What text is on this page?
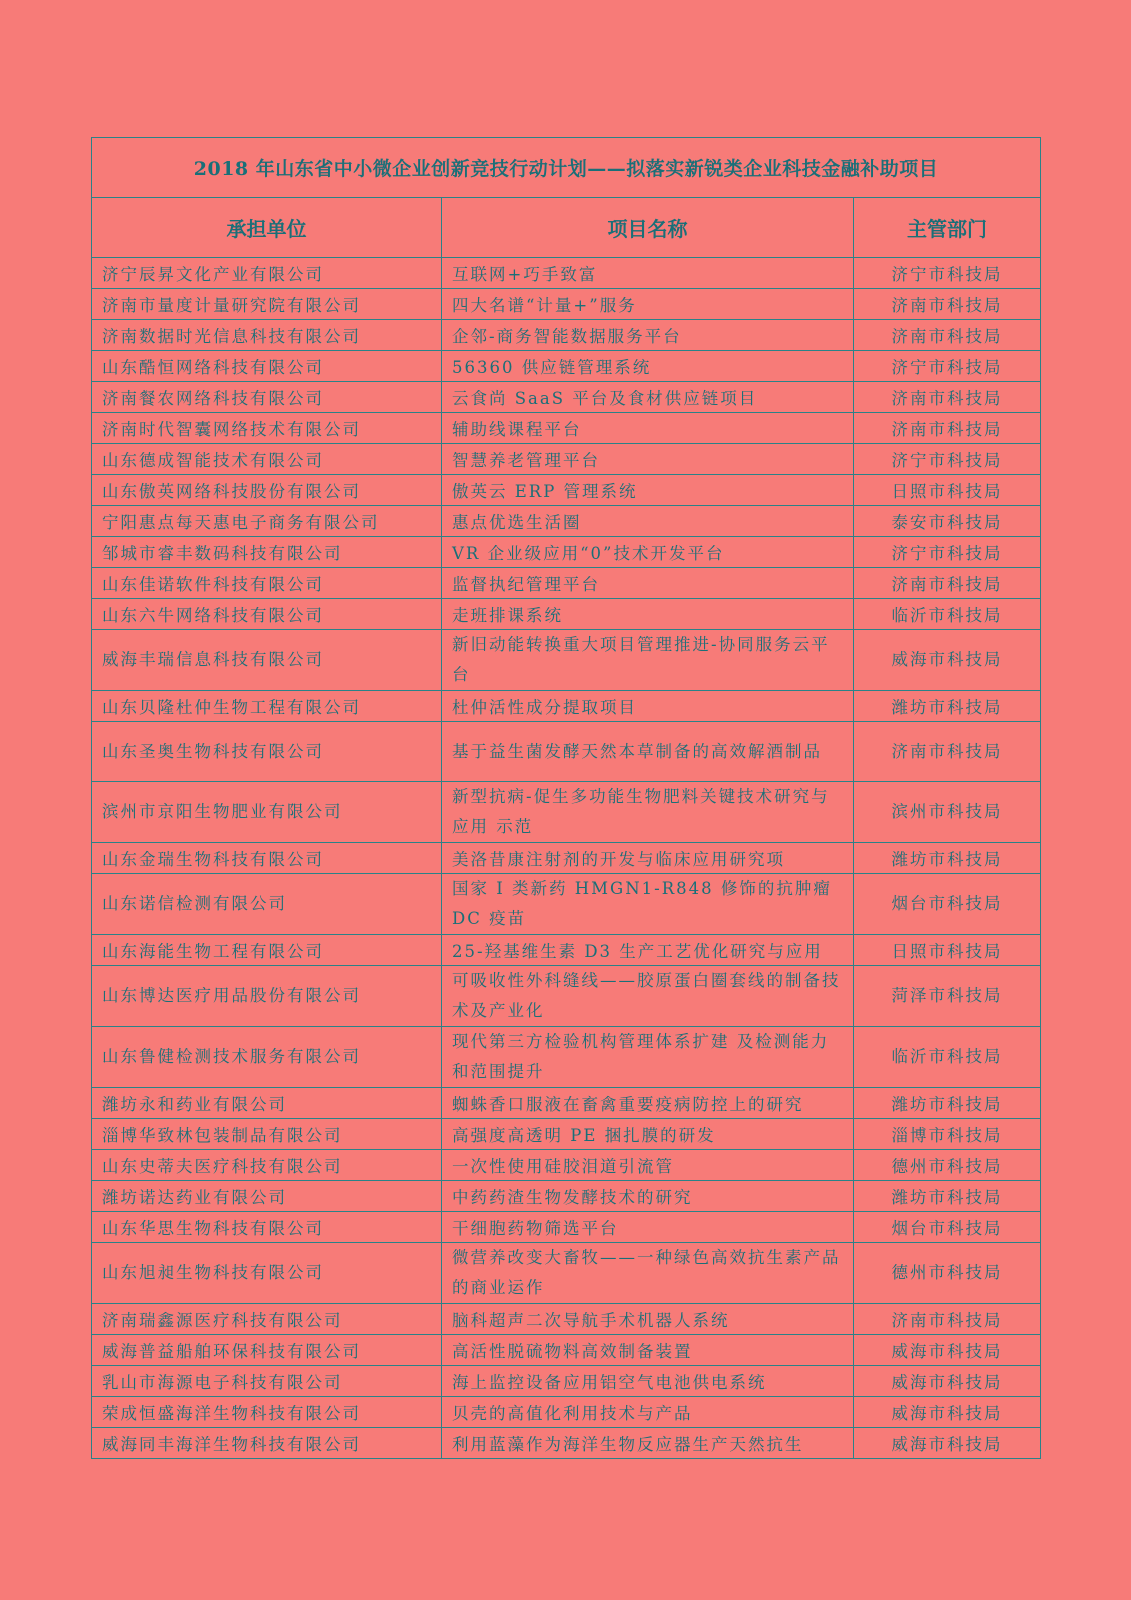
2018 年山东省中小微企业创新竞技行动计划——拟落实新锐类企业科技金融补助项目		
承担单位	项目名称	主管部门
济宁辰昇文化产业有限公司	互联网+巧手致富	济宁市科技局
济南市量度计量研究院有限公司	四大名谱“计量+”服务	济南市科技局
济南数据时光信息科技有限公司	企邻-商务智能数据服务平台	济南市科技局
山东酷恒网络科技有限公司	56360 供应链管理系统	济宁市科技局
济南餐农网络科技有限公司	云食尚 SaaS 平台及食材供应链项目	济南市科技局
济南时代智囊网络技术有限公司	辅助线课程平台	济南市科技局
山东德成智能技术有限公司	智慧养老管理平台	济宁市科技局
山东傲英网络科技股份有限公司	傲英云 ERP 管理系统	日照市科技局
宁阳惠点每天惠电子商务有限公司	惠点优选生活圈	泰安市科技局
邹城市睿丰数码科技有限公司	VR 企业级应用“0”技术开发平台	济宁市科技局
山东佳诺软件科技有限公司	监督执纪管理平台	济南市科技局
山东六牛网络科技有限公司	走班排课系统	临沂市科技局
威海丰瑞信息科技有限公司	新旧动能转换重大项目管理推进-协同服务云平台	威海市科技局
山东贝隆杜仲生物工程有限公司	杜仲活性成分提取项目	潍坊市科技局
山东圣奥生物科技有限公司	基于益生菌发酵天然本草制备的高效解酒制品	济南市科技局
滨州市京阳生物肥业有限公司	新型抗病-促生多功能生物肥料关键技术研究与应用 示范	滨州市科技局
山东金瑞生物科技有限公司	美洛昔康注射剂的开发与临床应用研究项	潍坊市科技局
山东诺信检测有限公司	国家 I 类新药 HMGN1-R848 修饰的抗肿瘤 DC 疫苗	烟台市科技局
山东海能生物工程有限公司	25-羟基维生素 D3 生产工艺优化研究与应用	日照市科技局
山东博达医疗用品股份有限公司	可吸收性外科缝线——胶原蛋白圈套线的制备技术及产业化	菏泽市科技局
山东鲁健检测技术服务有限公司	现代第三方检验机构管理体系扩建 及检测能力和范围提升	临沂市科技局
潍坊永和药业有限公司	蜘蛛香口服液在畜禽重要疫病防控上的研究	潍坊市科技局
淄博华致林包装制品有限公司	高强度高透明 PE 捆扎膜的研发	淄博市科技局
山东史蒂夫医疗科技有限公司	一次性使用硅胶泪道引流管	德州市科技局
潍坊诺达药业有限公司	中药药渣生物发酵技术的研究	潍坊市科技局
山东华思生物科技有限公司	干细胞药物筛选平台	烟台市科技局
山东旭昶生物科技有限公司	微营养改变大畜牧——一种绿色高效抗生素产品的商业运作	德州市科技局
济南瑞鑫源医疗科技有限公司	脑科超声二次导航手术机器人系统	济南市科技局
威海普益船舶环保科技有限公司	高活性脱硫物料高效制备装置	威海市科技局
乳山市海源电子科技有限公司	海上监控设备应用铝空气电池供电系统	威海市科技局
荣成恒盛海洋生物科技有限公司	贝壳的高值化利用技术与产品	威海市科技局
威海同丰海洋生物科技有限公司	利用蓝藻作为海洋生物反应器生产天然抗生	威海市科技局
